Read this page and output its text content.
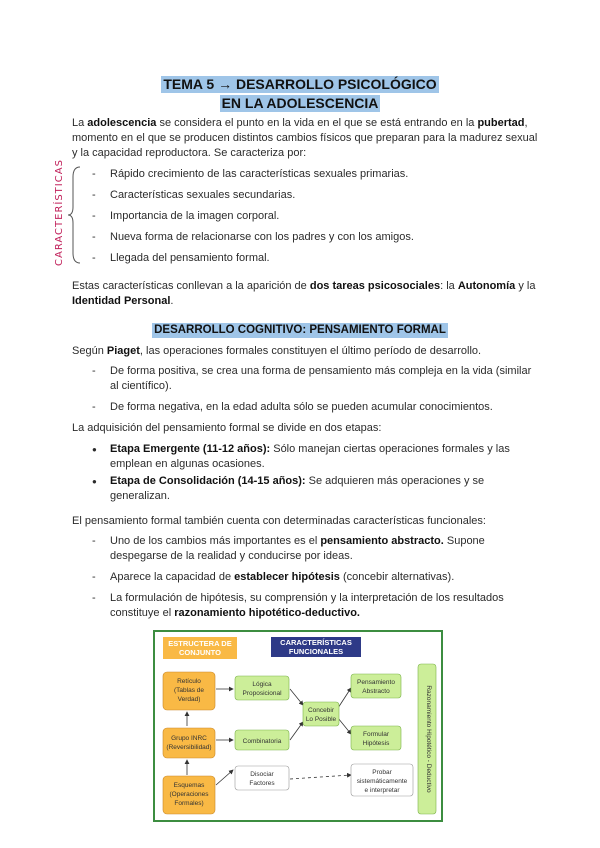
TEMA 5 → DESARROLLO PSICOLÓGICO
EN LA ADOLESCENCIA
La adolescencia se considera el punto en la vida en el que se está entrando en la pubertad, momento en el que se producen distintos cambios físicos que preparan para la madurez sexual y la capacidad reproductora. Se caracteriza por:
CARACTERÍSTICAS
-	Rápido crecimiento de las características sexuales primarias.
- Características sexuales secundarias.
- Importancia de la imagen corporal.
- Nueva forma de relacionarse con los padres y con los amigos.
- Llegada del pensamiento formal.
Estas características conllevan a la aparición de dos tareas psicosociales: la Autonomía y la Identidad Personal.
DESARROLLO COGNITIVO: PENSAMIENTO FORMAL
Según Piaget, las operaciones formales constituyen el último período de desarrollo.
- De forma positiva, se crea una forma de pensamiento más compleja en la vida (similar al científico).
- De forma negativa, en la edad adulta sólo se pueden acumular conocimientos.
La adquisición del pensamiento formal se divide en dos etapas:
● Etapa Emergente (11-12 años): Sólo manejan ciertas operaciones formales y las emplean en algunas ocasiones.
● Etapa de Consolidación (14-15 años): Se adquieren más operaciones y se generalizan.
El pensamiento formal también cuenta con determinadas características funcionales:
- Uno de los cambios más importantes es el pensamiento abstracto. Supone despegarse de la realidad y conducirse por ideas.
- Aparece la capacidad de establecer hipótesis (concebir alternativas).
- La formulación de hipótesis, su comprensión y la interpretación de los resultados constituye el razonamiento hipotético-deductivo.
ESTRUCTERA DE
CONJUNTO
CARACTERÍSTICAS
FUNCIONALES
Retículo
(Tablas de
Verdad)
Grupo INRC
(Reversibilidad)
Esquemas
(Operaciones
Formales)
Lógica
Proposicional
Combinatoria
Disociar
Factores
Concebir
Lo Posible
Pensamiento
Abstracto
Formular
Hipótesis
Probar
sistemáticamente
e interpretar	Razonamiento Hipotético - Deductivo
